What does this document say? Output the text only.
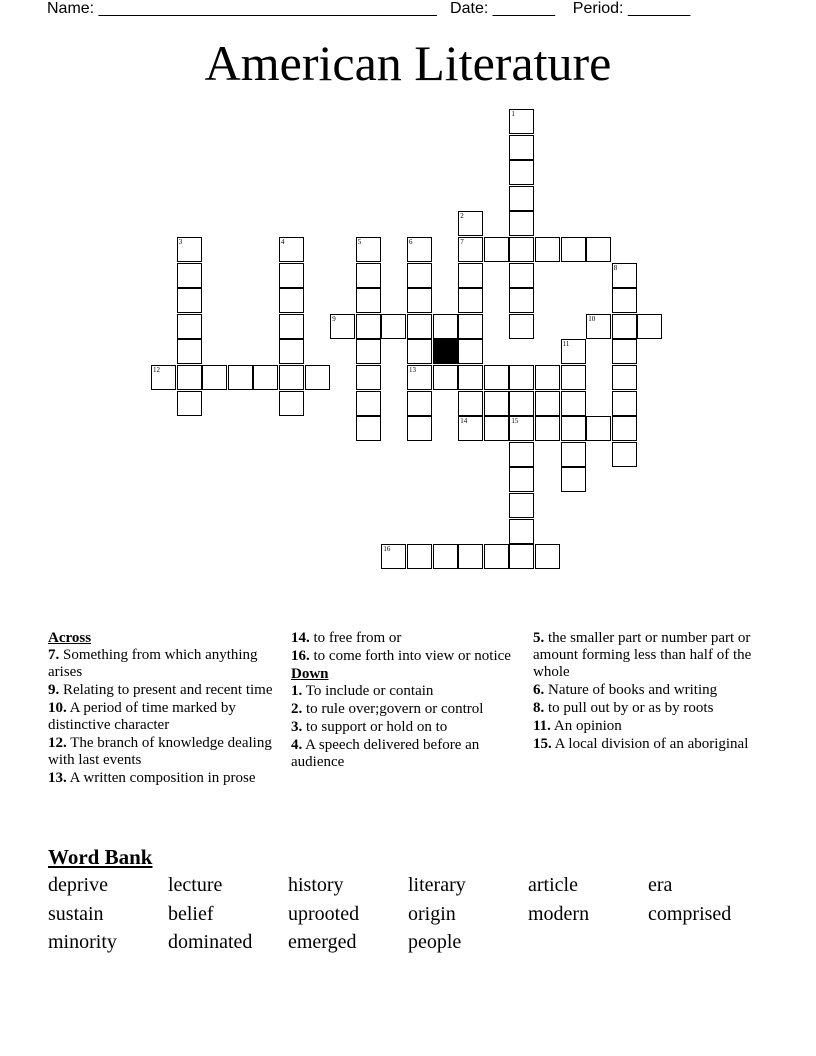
Name: ______________________________________   Date: _______    Period: _______
American Literature
1
2
3	4	5	6	7
8
9	10
11
12	13
14	15
16
Across
7. Something from which anything arises
9. Relating to present and recent time
10. A period of time marked by distinctive character
12. The branch of knowledge dealing with last events
13. A written composition in prose
14. to free from or
16. to come forth into view or notice
Down
1. To include or contain
2. to rule over;govern or control
3. to support or hold on to
4. A speech delivered before an audience
5. the smaller part or number part or amount forming less than half of the whole
6. Nature of books and writing
8. to pull out by or as by roots
11. An opinion
15. A local division of an aboriginal
Word Bank
deprive	lecture	history	literary	article	era
sustain	belief	uprooted	origin	modern	comprised
minority	dominated	emerged	people
